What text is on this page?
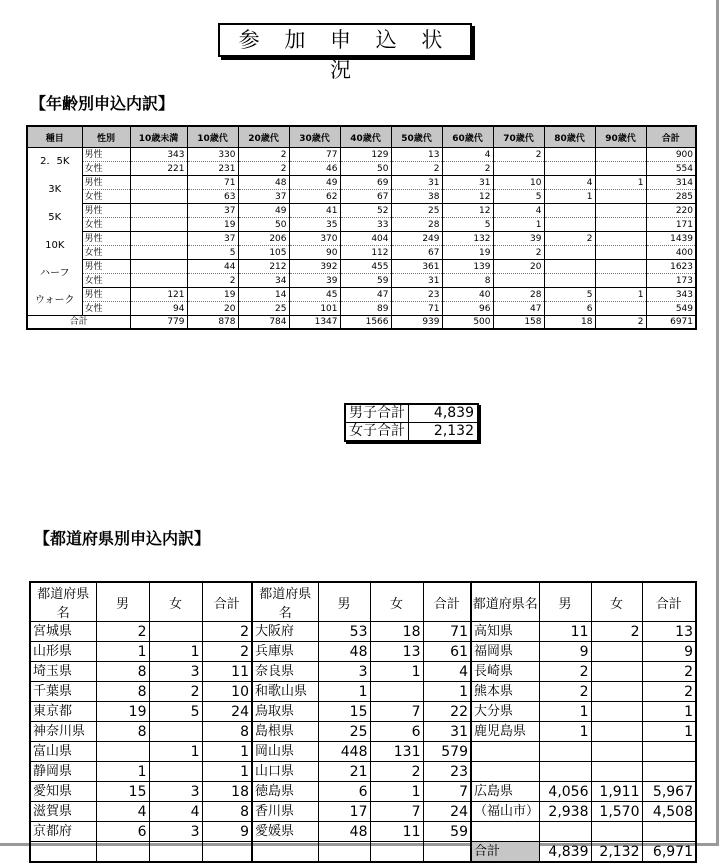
参 加 申 込 状 況
【年齢別申込内訳】
種目	性別	10歳未満	10歳代	20歳代	30歳代	40歳代	50歳代	60歳代	70歳代	80歳代	90歳代	合計
2．5K	男性	343	330	2	77	129	13	4	2			900
	女性	221	231	2	46	50	2	2				554
3K	男性		71	48	49	69	31	31	10	4	1	314
	女性		63	37	62	67	38	12	5	1		285
5K	男性		37	49	41	52	25	12	4			220
	女性		19	50	35	33	28	5	1			171
10K	男性		37	206	370	404	249	132	39	2		1439
	女性		5	105	90	112	67	19	2			400
ハーフ	男性		44	212	392	455	361	139	20			1623
	女性		2	34	39	59	31	8				173
ウォーク	男性	121	19	14	45	47	23	40	28	5	1	343
	女性	94	20	25	101	89	71	96	47	6		549
合計		779	878	784	1347	1566	939	500	158	18	2	6971
男子合計	4,839
女子合計	2,132
【都道府県別申込内訳】
都道府県名	男	女	合計	都道府県名	男	女	合計	都道府県名	男	女	合計
宮城県	2		2	大阪府	53	18	71	高知県	11	2	13
山形県	1	1	2	兵庫県	48	13	61	福岡県	9		9
埼玉県	8	3	11	奈良県	3	1	4	長崎県	2		2
千葉県	8	2	10	和歌山県	1		1	熊本県	2		2
東京都	19	5	24	鳥取県	15	7	22	大分県	1		1
神奈川県	8		8	島根県	25	6	31	鹿児島県	1		1
富山県		1	1	岡山県	448	131	579				
静岡県	1		1	山口県	21	2	23				
愛知県	15	3	18	徳島県	6	1	7	広島県	4,056	1,911	5,967
滋賀県	4	4	8	香川県	17	7	24	（福山市）	2,938	1,570	4,508
京都府	6	3	9	愛媛県	48	11	59				
								合計	4,839	2,132	6,971
